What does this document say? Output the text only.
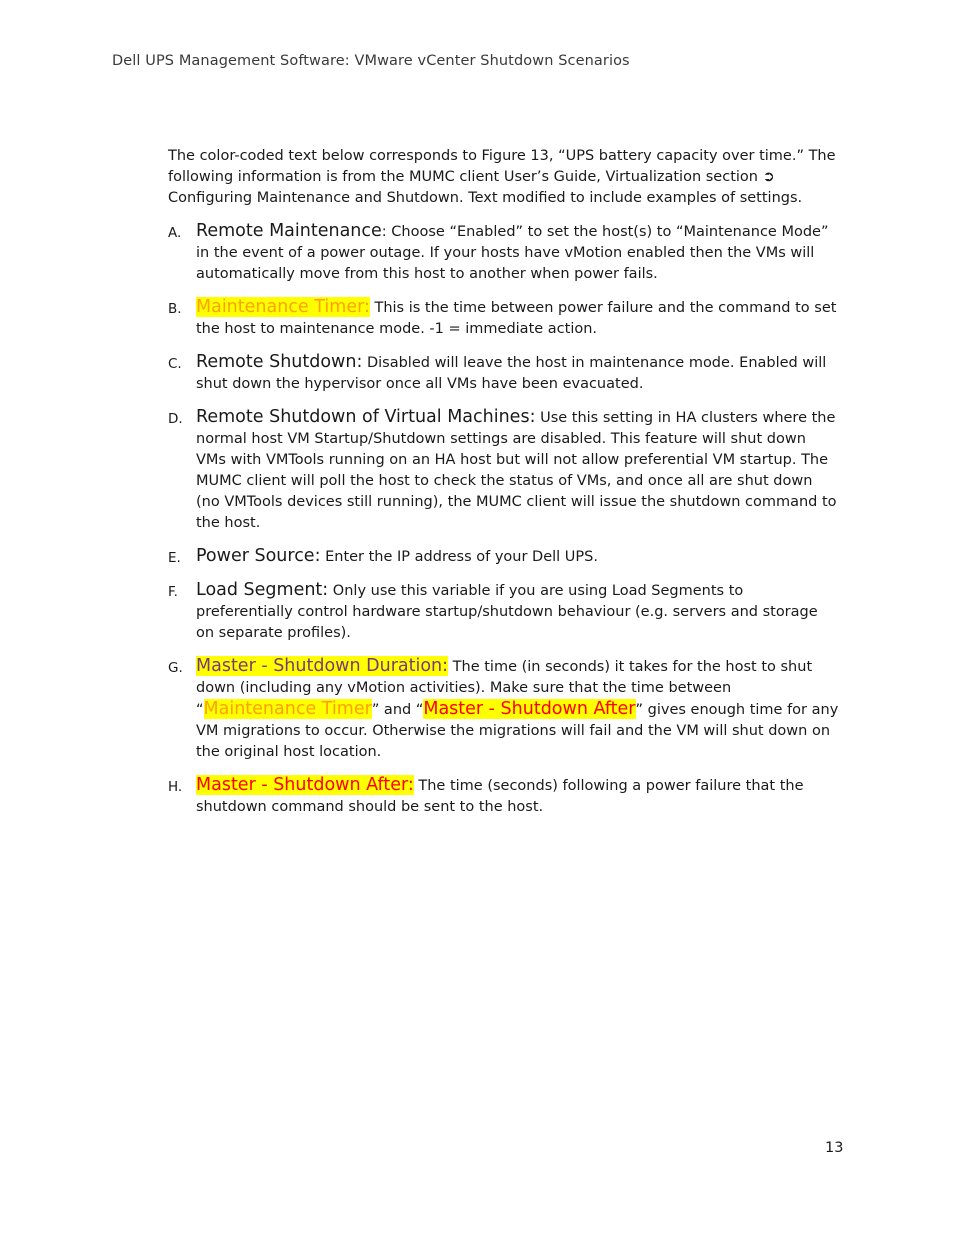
Dell UPS Management Software: VMware vCenter Shutdown Scenarios

The color-coded text below corresponds to Figure 13, “UPS battery capacity over time.” The following information is from the MUMC client User’s Guide, Virtualization section ➲ Configuring Maintenance and Shutdown. Text modified to include examples of settings.

A. Remote Maintenance: Choose “Enabled” to set the host(s) to “Maintenance Mode” in the event of a power outage. If your hosts have vMotion enabled then the VMs will automatically move from this host to another when power fails.
B. Maintenance Timer: This is the time between power failure and the command to set the host to maintenance mode. -1 = immediate action.
C. Remote Shutdown: Disabled will leave the host in maintenance mode. Enabled will shut down the hypervisor once all VMs have been evacuated.
D. Remote Shutdown of Virtual Machines: Use this setting in HA clusters where the normal host VM Startup/Shutdown settings are disabled. This feature will shut down VMs with VMTools running on an HA host but will not allow preferential VM startup. The MUMC client will poll the host to check the status of VMs, and once all are shut down (no VMTools devices still running), the MUMC client will issue the shutdown command to the host.
E. Power Source: Enter the IP address of your Dell UPS.
F. Load Segment: Only use this variable if you are using Load Segments to preferentially control hardware startup/shutdown behaviour (e.g. servers and storage on separate profiles).
G. Master - Shutdown Duration: The time (in seconds) it takes for the host to shut down (including any vMotion activities). Make sure that the time between “Maintenance Timer” and “Master - Shutdown After” gives enough time for any VM migrations to occur. Otherwise the migrations will fail and the VM will shut down on the original host location.
H. Master - Shutdown After: The time (seconds) following a power failure that the shutdown command should be sent to the host.
13
